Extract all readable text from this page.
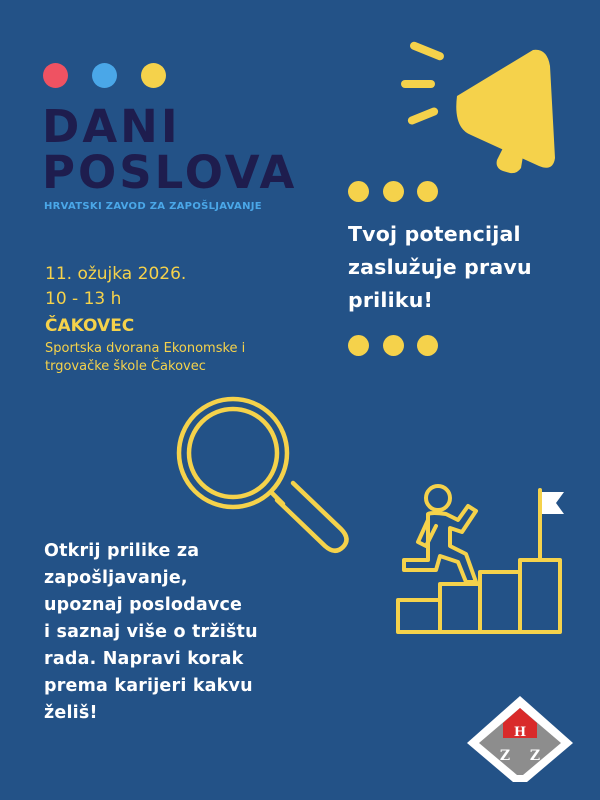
DANI
POSLOVA
HRVATSKI ZAVOD ZA ZAPOŠLJAVANJE
11. ožujka 2026.
10 - 13 h
ČAKOVEC
Sportska dvorana Ekonomske i
trgovačke škole Čakovec
Tvoj potencijal
zaslužuje pravu
priliku!
Otkrij prilike za
zapošljavanje,
upoznaj poslodavce
i saznaj više o tržištu
rada. Napravi korak
prema karijeri kakvu
želiš!
H
Z Z
